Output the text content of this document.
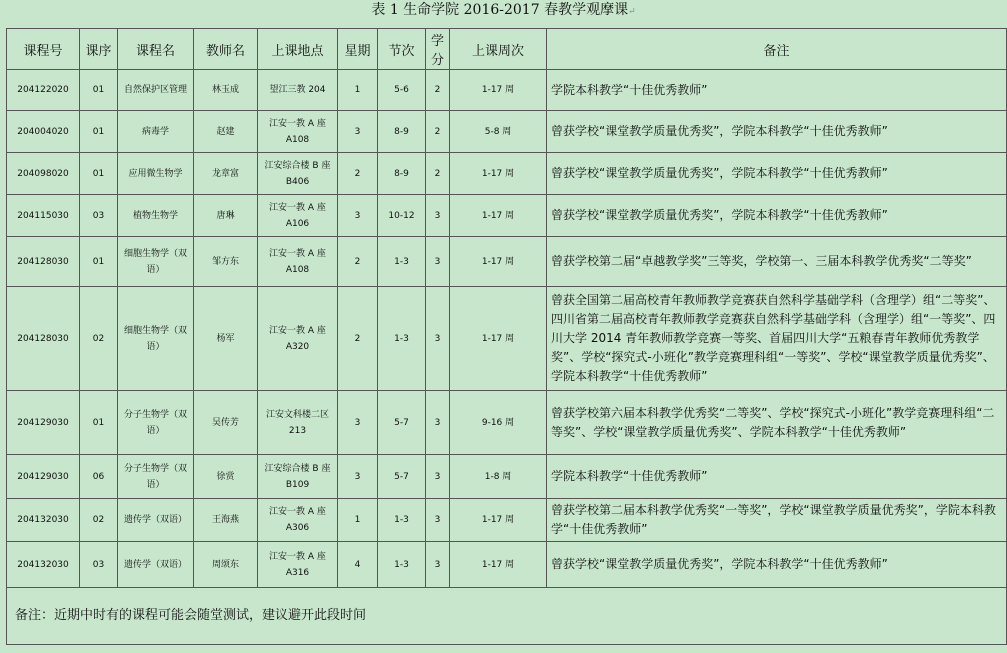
表 1 生命学院 2016-2017 春教学观摩课↵
课程号	课序	课程名	教师名	上课地点	星期	节次	学分	上课周次	备注
204122020	01	自然保护区管理	林玉成	望江三教 204	1	5-6	2	1-17 周	学院本科教学“十佳优秀教师”
204004020	01	病毒学	赵建	江安一教 A 座 A108	3	8-9	2	5-8 周	曾获学校“课堂教学质量优秀奖”，学院本科教学“十佳优秀教师”
204098020	01	应用微生物学	龙章富	江安综合楼 B 座 B406	2	8-9	2	1-17 周	曾获学校“课堂教学质量优秀奖”，学院本科教学“十佳优秀教师”
204115030	03	植物生物学	唐琳	江安一教 A 座 A106	3	10-12	3	1-17 周	曾获学校“课堂教学质量优秀奖”，学院本科教学“十佳优秀教师”
204128030	01	细胞生物学（双语）	邹方东	江安一教 A 座 A108	2	1-3	3	1-17 周	曾获学校第二届“卓越教学奖”三等奖，学校第一、三届本科教学优秀奖“二等奖”
204128030	02	细胞生物学（双语）	杨军	江安一教 A 座 A320	2	1-3	3	1-17 周	曾获全国第二届高校青年教师教学竞赛获自然科学基础学科（含理学）组“二等奖”、四川省第二届高校青年教师教学竞赛获自然科学基础学科（含理学）组“一等奖”、四川大学 2014 青年教师教学竞赛一等奖、首届四川大学“五粮春青年教师优秀教学奖”、学校“探究式-小班化”教学竞赛理科组“一等奖”、学校“课堂教学质量优秀奖”、学院本科教学“十佳优秀教师”
204129030	01	分子生物学（双语）	吴传芳	江安文科楼二区 213	3	5-7	3	9-16 周	曾获学校第六届本科教学优秀奖“二等奖”、学校“探究式-小班化”教学竞赛理科组“二等奖”、学校“课堂教学质量优秀奖”、学院本科教学“十佳优秀教师”
204129030	06	分子生物学（双语）	徐赏	江安综合楼 B 座 B109	3	5-7	3	1-8 周	学院本科教学“十佳优秀教师”
204132030	02	遗传学（双语）	王海燕	江安一教 A 座 A306	1	1-3	3	1-17 周	曾获学校第二届本科教学优秀奖“一等奖”，学校“课堂教学质量优秀奖”，学院本科教学“十佳优秀教师”
204132030	03	遗传学（双语）	周颂东	江安一教 A 座 A316	4	1-3	3	1-17 周	曾获学校“课堂教学质量优秀奖”，学院本科教学“十佳优秀教师”
备注：近期中时有的课程可能会随堂测试，建议避开此段时间									
